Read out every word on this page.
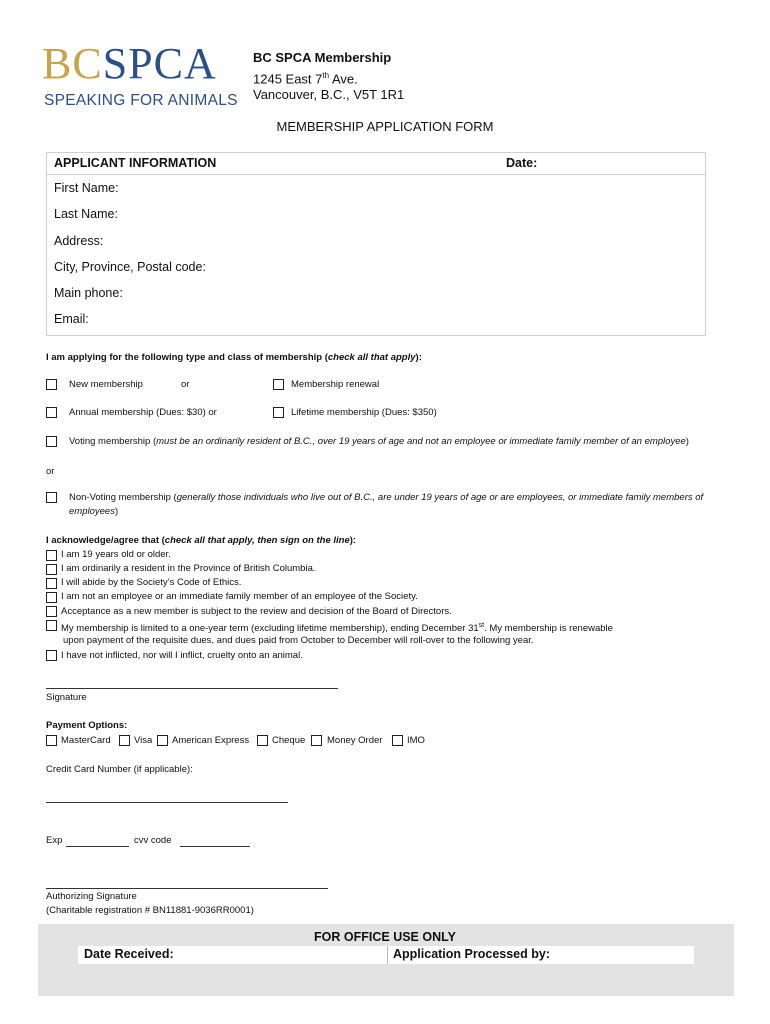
BCSPCA
SPEAKING FOR ANIMALS
BC SPCA Membership
1245 East 7th Ave.
Vancouver, B.C., V5T 1R1
MEMBERSHIP APPLICATION FORM
APPLICANT INFORMATION	Date:
First Name:
Last Name:
Address:
City, Province, Postal code:
Main phone:
Email:
I am applying for the following type and class of membership (check all that apply):
New membership	or	Membership renewal
Annual membership (Dues: $30) or	Lifetime membership (Dues: $350)
Voting membership (must be an ordinarily resident of B.C., over 19 years of age and not an employee or immediate family member of an employee)
or
Non-Voting membership (generally those individuals who live out of B.C., are under 19 years of age or are employees, or immediate family members of employees)
I acknowledge/agree that (check all that apply, then sign on the line):
I am 19 years old or older.
I am ordinarily a resident in the Province of British Columbia.
I will abide by the Society’s Code of Ethics.
I am not an employee or an immediate family member of an employee of the Society.
Acceptance as a new member is subject to the review and decision of the Board of Directors.
My membership is limited to a one-year term (excluding lifetime membership), ending December 31st. My membership is renewable
upon payment of the requisite dues, and dues paid from October to December will roll-over to the following year.
I have not inflicted, nor will I inflict, cruelty onto an animal.
Signature
Payment Options:
MasterCard Visa American Express Cheque Money Order	IMO
Credit Card Number (if applicable):
Exp	cvv code
Authorizing Signature
(Charitable registration # BN11881-9036RR0001)
FOR OFFICE USE ONLY
Date Received:	Application Processed by:
